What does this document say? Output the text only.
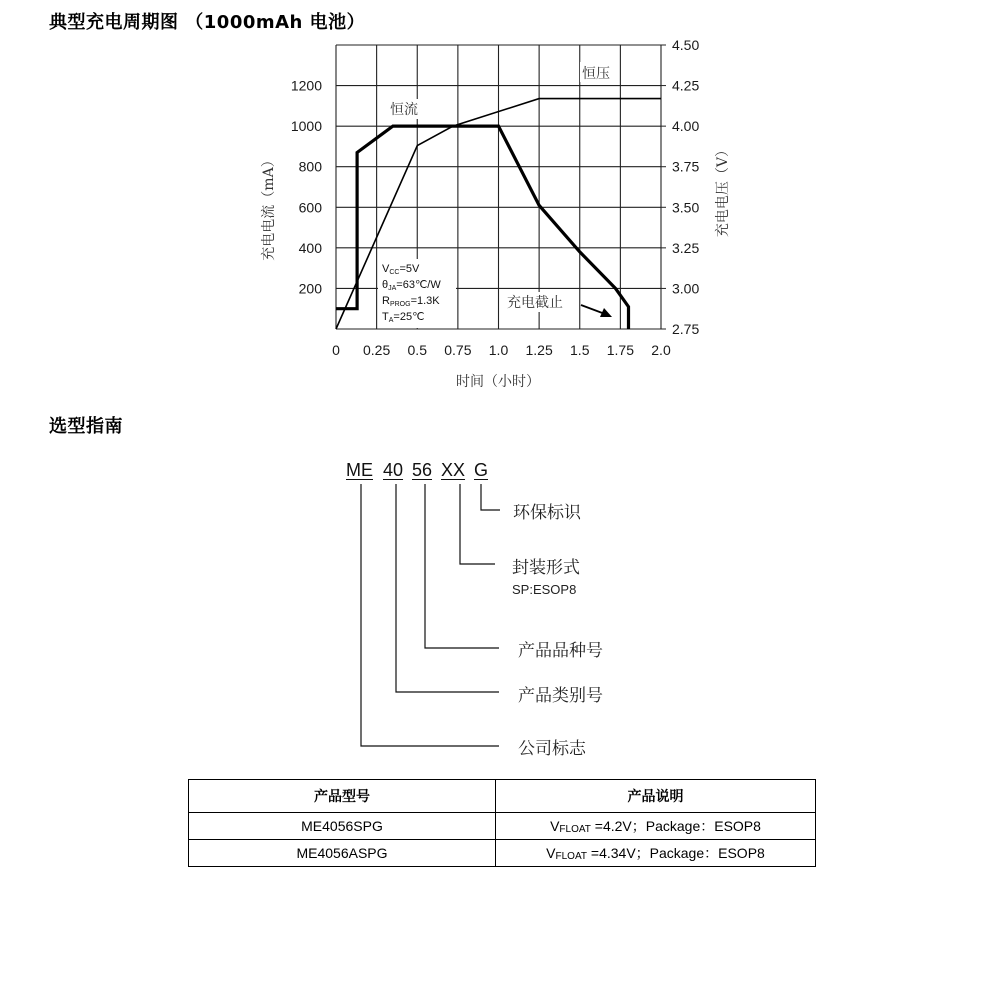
典型充电周期图 （1000mAh 电池）
0 0.25 0.5 0.75 1.0 1.25 1.5 1.75 2.0
200
400
600
800
1000
1200
2.75
3.00
3.25
3.50
3.75
4.00
4.25
4.50
时间（小时）
充电电流（mA）	充电电压（V）
恒流
恒压
VCC=5V
θJA=63℃/W
RPROG=1.3K
TA=25℃
充电截止
选型指南
ME 40 56 XX G
环保标识
封装形式
SP:ESOP8
产品品种号
产品类别号
公司标志
产品型号	产品说明
ME4056SPG	$V_{FLOAT} =4.2V$；Package：ESOP8
ME4056ASPG	$V_{FLOAT} =4.34V$；Package：ESOP8
